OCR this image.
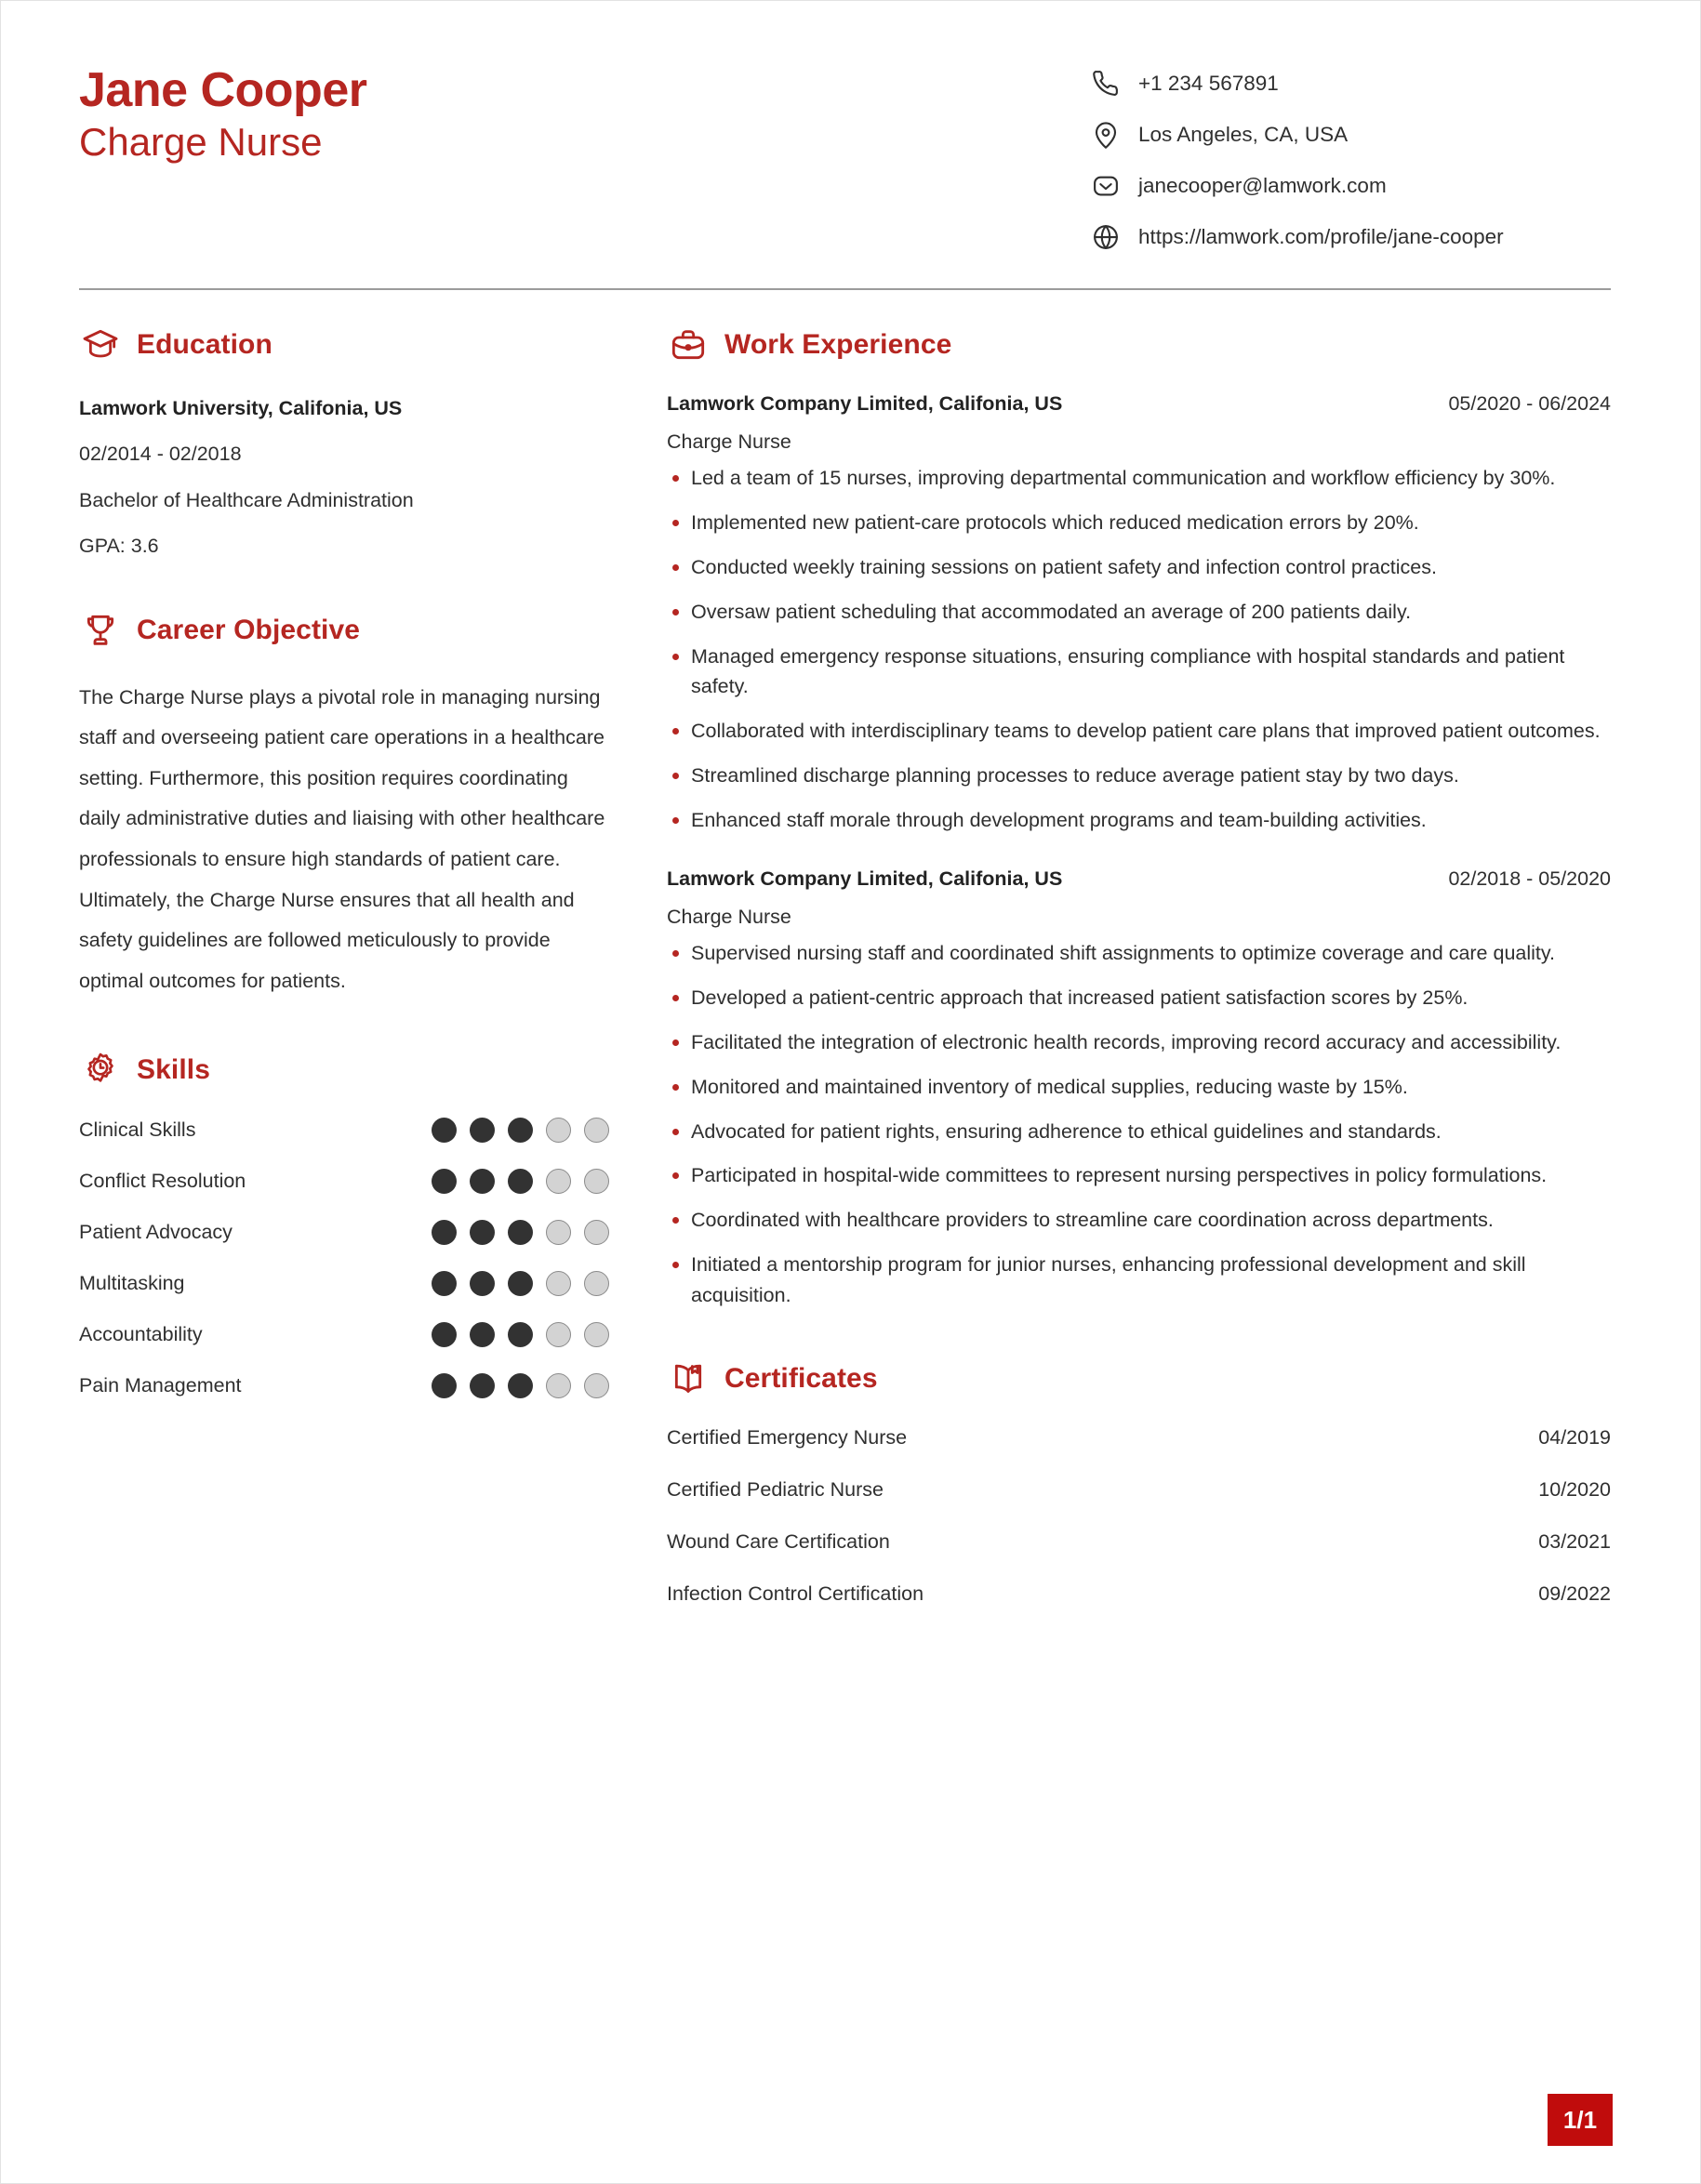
Jane Cooper
Charge Nurse
+1 234 567891
Los Angeles, CA, USA
janecooper@lamwork.com
https://lamwork.com/profile/jane-cooper
Education
Lamwork University, Califonia, US
02/2014 - 02/2018
Bachelor of Healthcare Administration
GPA: 3.6
Career Objective
The Charge Nurse plays a pivotal role in managing nursing staff and overseeing patient care operations in a healthcare setting. Furthermore, this position requires coordinating daily administrative duties and liaising with other healthcare professionals to ensure high standards of patient care. Ultimately, the Charge Nurse ensures that all health and safety guidelines are followed meticulously to provide optimal outcomes for patients.
Skills
Clinical Skills
Conflict Resolution
Patient Advocacy
Multitasking
Accountability
Pain Management
Work Experience
Lamwork Company Limited, Califonia, US	05/2020 - 06/2024
Charge Nurse
Led a team of 15 nurses, improving departmental communication and workflow efficiency by 30%.
Implemented new patient-care protocols which reduced medication errors by 20%.
Conducted weekly training sessions on patient safety and infection control practices.
Oversaw patient scheduling that accommodated an average of 200 patients daily.
Managed emergency response situations, ensuring compliance with hospital standards and patient safety.
Collaborated with interdisciplinary teams to develop patient care plans that improved patient outcomes.
Streamlined discharge planning processes to reduce average patient stay by two days.
Enhanced staff morale through development programs and team-building activities.
Lamwork Company Limited, Califonia, US	02/2018 - 05/2020
Charge Nurse
Supervised nursing staff and coordinated shift assignments to optimize coverage and care quality.
Developed a patient-centric approach that increased patient satisfaction scores by 25%.
Facilitated the integration of electronic health records, improving record accuracy and accessibility.
Monitored and maintained inventory of medical supplies, reducing waste by 15%.
Advocated for patient rights, ensuring adherence to ethical guidelines and standards.
Participated in hospital-wide committees to represent nursing perspectives in policy formulations.
Coordinated with healthcare providers to streamline care coordination across departments.
Initiated a mentorship program for junior nurses, enhancing professional development and skill acquisition.
Certificates
Certified Emergency Nurse	04/2019
Certified Pediatric Nurse	10/2020
Wound Care Certification	03/2021
Infection Control Certification	09/2022
1/1
